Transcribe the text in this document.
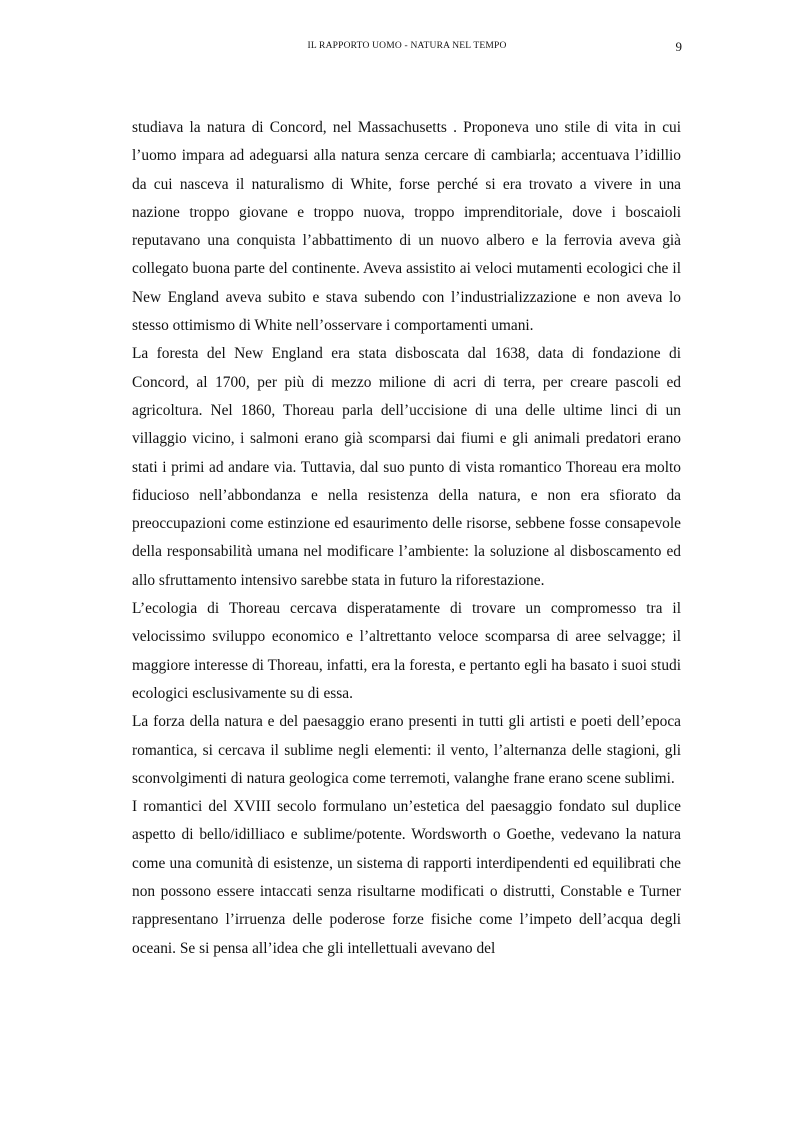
IL RAPPORTO UOMO - NATURA NEL TEMPO	9

studiava la natura di Concord, nel Massachusetts . Proponeva uno stile di vita in cui l’uomo impara ad adeguarsi alla natura senza cercare di cambiarla; accentuava l’idillio da cui nasceva il naturalismo di White, forse perché si era trovato a vivere in una nazione troppo giovane e troppo nuova, troppo imprenditoriale, dove i boscaioli reputavano una conquista l’abbattimento di un nuovo albero e la ferrovia aveva già collegato buona parte del continente. Aveva assistito ai veloci mutamenti ecologici che il New England aveva subito e stava subendo con l’industrializzazione e non aveva lo stesso ottimismo di White nell’osservare i comportamenti umani.

La foresta del New England era stata disboscata dal 1638, data di fondazione di Concord, al 1700, per più di mezzo milione di acri di terra, per creare pascoli ed agricoltura. Nel 1860, Thoreau parla dell’uccisione di una delle ultime linci di un villaggio vicino, i salmoni erano già scomparsi dai fiumi e gli animali predatori erano stati i primi ad andare via. Tuttavia, dal suo punto di vista romantico Thoreau era molto fiducioso nell’abbondanza e nella resistenza della natura, e non era sfiorato da preoccupazioni come estinzione ed esaurimento delle risorse, sebbene fosse consapevole della responsabilità umana nel modificare l’ambiente: la soluzione al disboscamento ed allo sfruttamento intensivo sarebbe stata in futuro la riforestazione.

L’ecologia di Thoreau cercava disperatamente di trovare un compromesso tra il velocissimo sviluppo economico e l’altrettanto veloce scomparsa di aree selvagge; il maggiore interesse di Thoreau, infatti, era la foresta, e pertanto egli ha basato i suoi studi ecologici esclusivamente su di essa.

La forza della natura e del paesaggio erano presenti in tutti gli artisti e poeti dell’epoca romantica, si cercava il sublime negli elementi: il vento, l’alternanza delle stagioni, gli sconvolgimenti di natura geologica come terremoti, valanghe frane erano scene sublimi.

I romantici del XVIII secolo formulano un’estetica del paesaggio fondato sul duplice aspetto di bello/idilliaco e sublime/potente. Wordsworth o Goethe, vedevano la natura come una comunità di esistenze, un sistema di rapporti interdipendenti ed equilibrati che non possono essere intaccati senza risultarne modificati o distrutti, Constable e Turner rappresentano l’irruenza delle poderose forze fisiche come l’impeto dell’acqua degli oceani. Se si pensa all’idea che gli intellettuali avevano del
